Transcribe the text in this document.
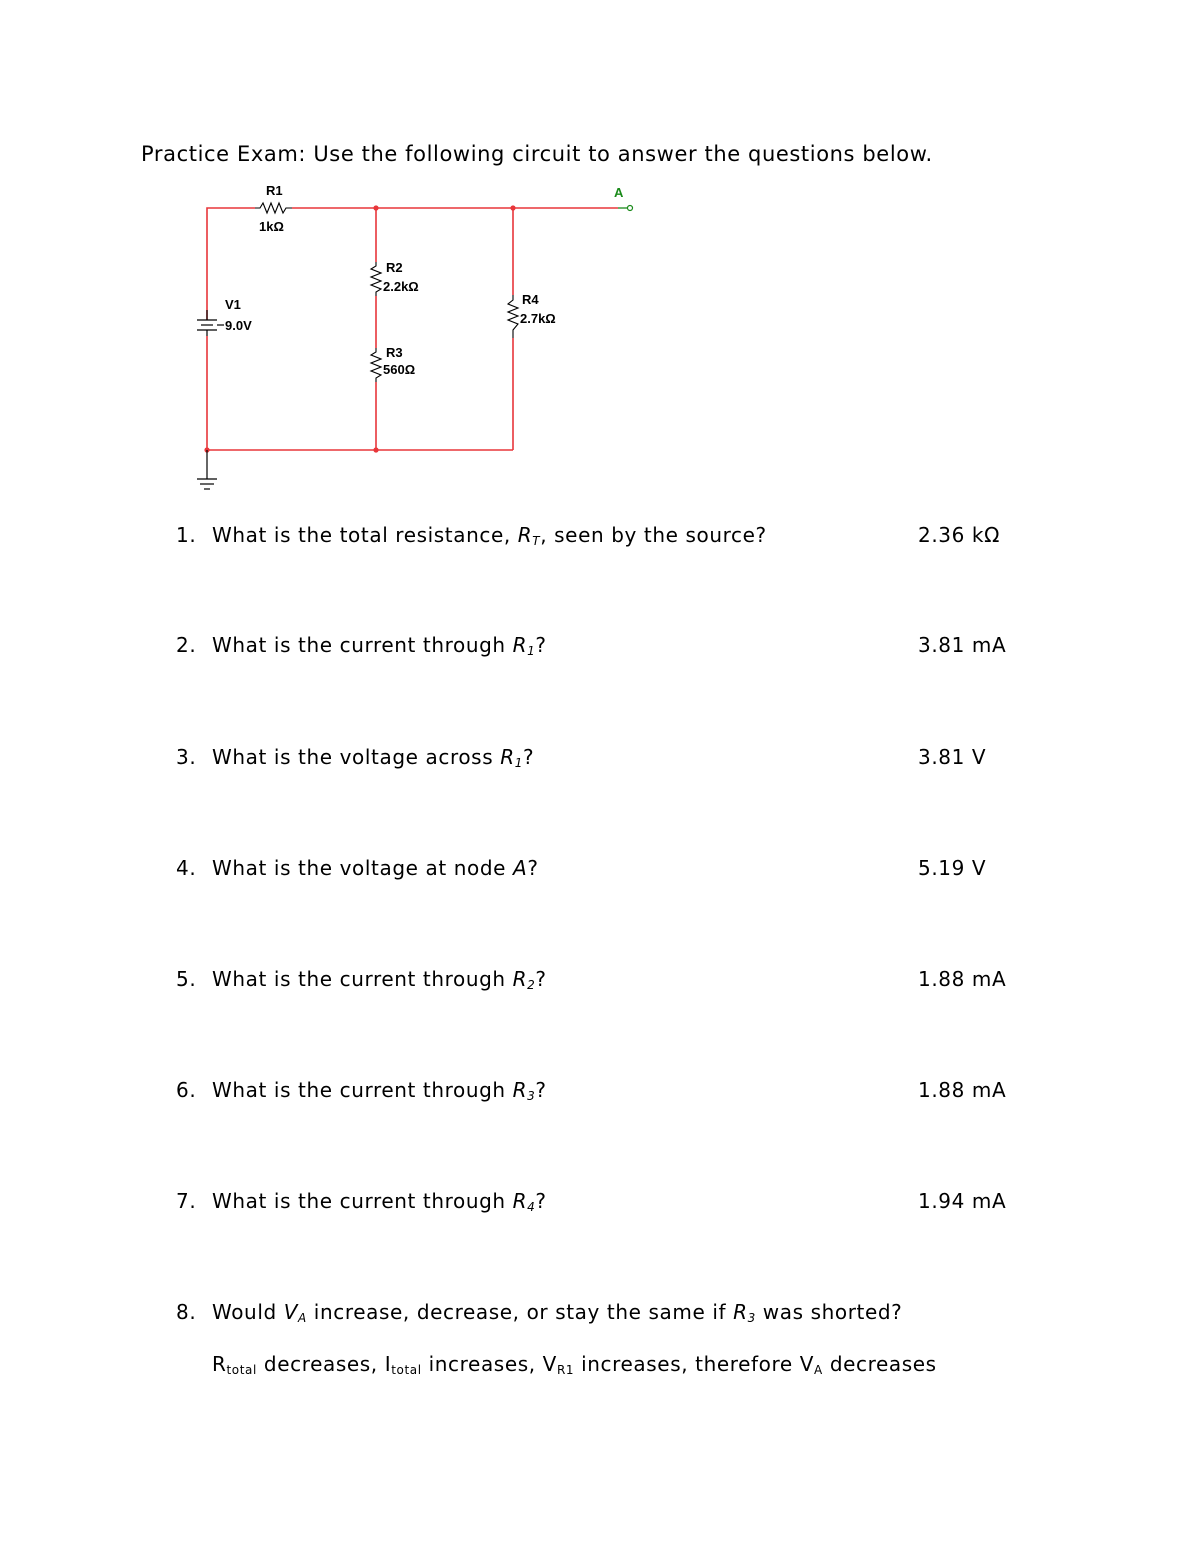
Practice Exam: Use the following circuit to answer the questions below.
R1
1kΩ
R2
2.2kΩ
R3
560Ω
R4
2.7kΩ
V1
9.0V
A
1. What is the total resistance, $R_T$, seen by the source?	2.36 kΩ
2. What is the current through $R_1$?	3.81 mA
3. What is the voltage across $R_1$?	3.81 V
4. What is the voltage at node A?	5.19 V
5. What is the current through $R_2$?	1.88 mA
6. What is the current through $R_3$?	1.88 mA
7. What is the current through $R_4$?	1.94 mA
8. Would $V_A$ increase, decrease, or stay the same if $R_3$ was shorted?
$R_{total}$ decreases, $I_{total}$ increases, $V_{R1}$ increases, therefore $V_A$ decreases
